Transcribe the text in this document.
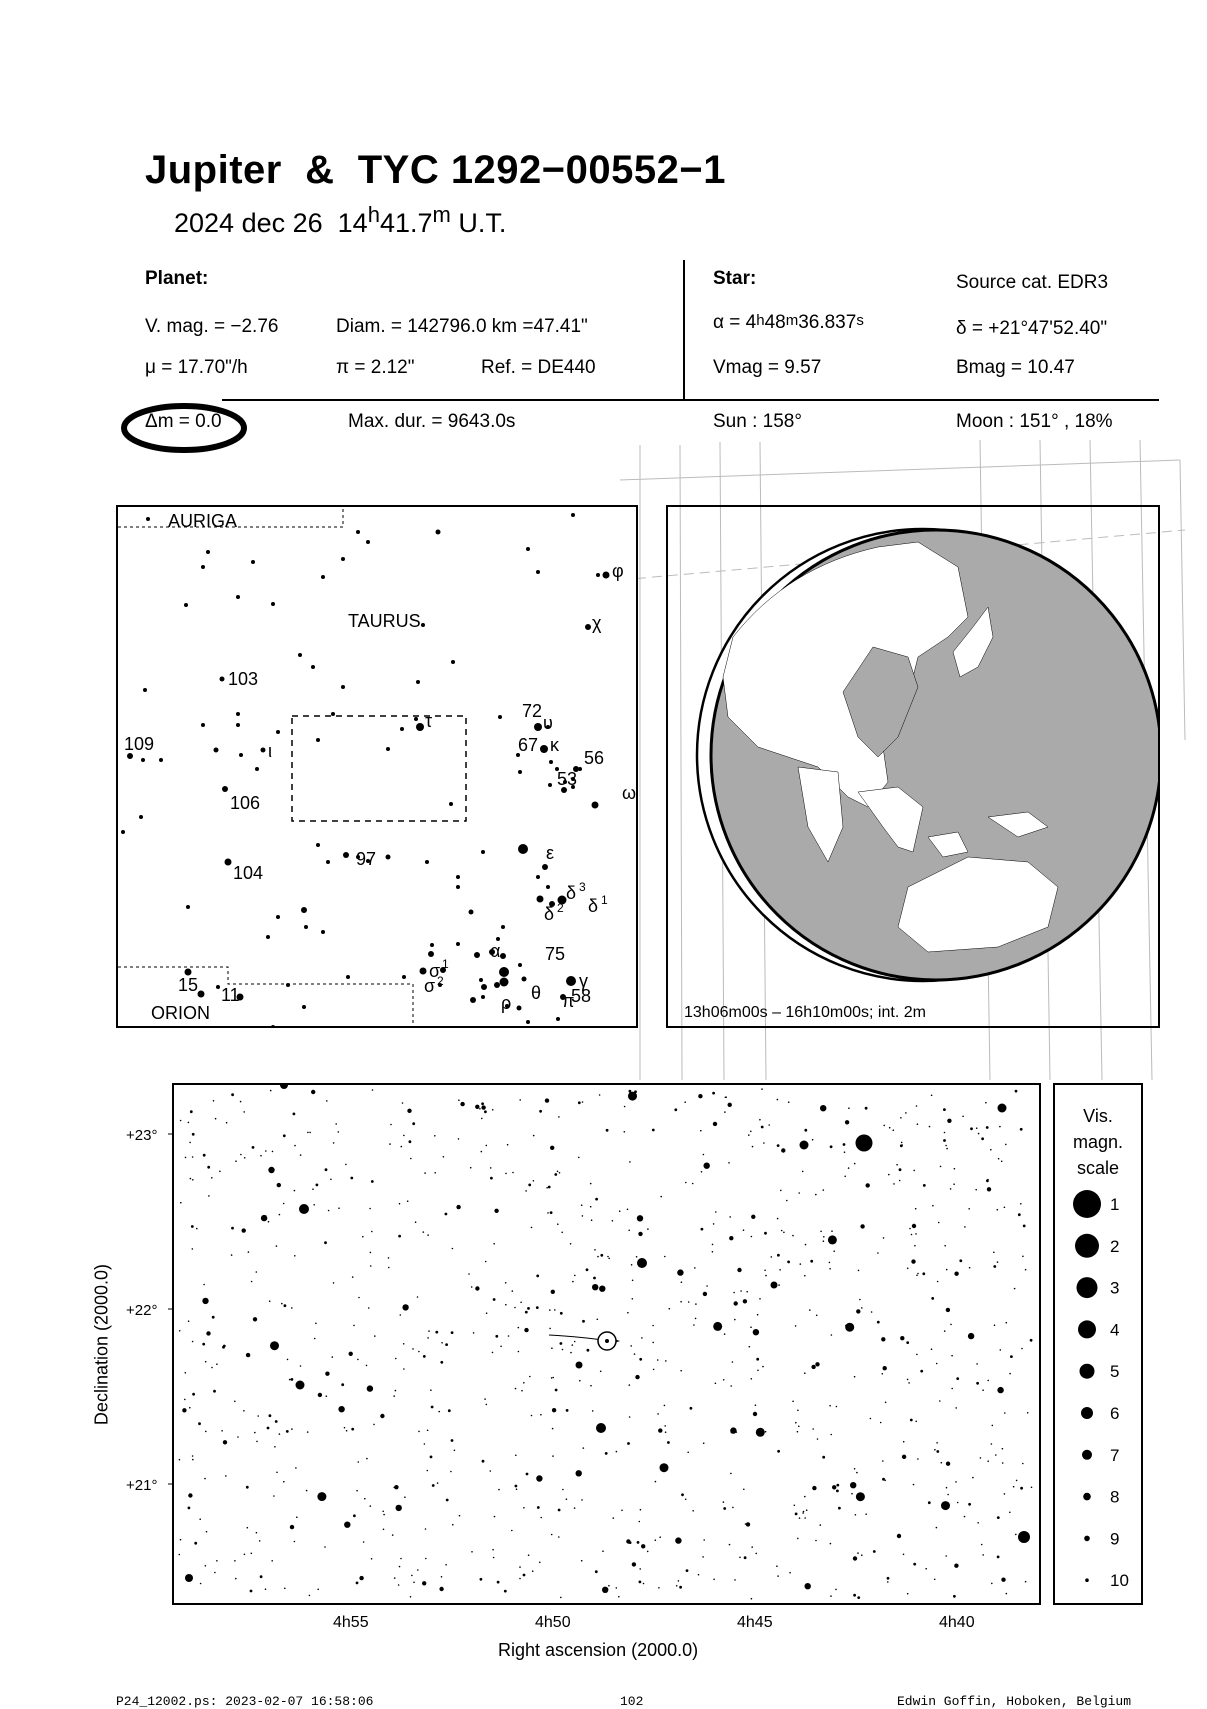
Jupiter  &  TYC 1292−00552−1
2024 dec 26 14$^h$41.7$^m$ U.T.
Planet:
V. mag. = −2.76	Diam. = 142796.0 km =47.41"
μ = 17.70"/h	π = 2.12"	Ref. = DE440
Star:	Source cat. EDR3
$\alpha = 4^h48^m36.837^s$	δ = +21°47'52.40"
Vmag = 9.57	Bmag = 10.47
Δm = 0.0	Max. dur. = 9643.0s	Sun : 158°	Moon : 151° , 18%
AURIGA
TAURUS
ORION
φ
χ
103
109
τ	72
υ
67 κ
56
53
ω
ι
106
97	ε
104
δ 3
δ 2 δ 1
α 75
σ 1
σ 2
15 11	θ
γ
ρ	π
58
13h06m00s – 16h10m00s; int. 2m
+23°
+22°
+21°
4h55	4h50	4h45	4h40
Right ascension (2000.0)
Declination (2000.0)
Vis.
magn.
scale
1
2
3
4
5
6
7
8
9
10
P24_12002.ps: 2023-02-07 16:58:06	102	Edwin Goffin, Hoboken, Belgium
